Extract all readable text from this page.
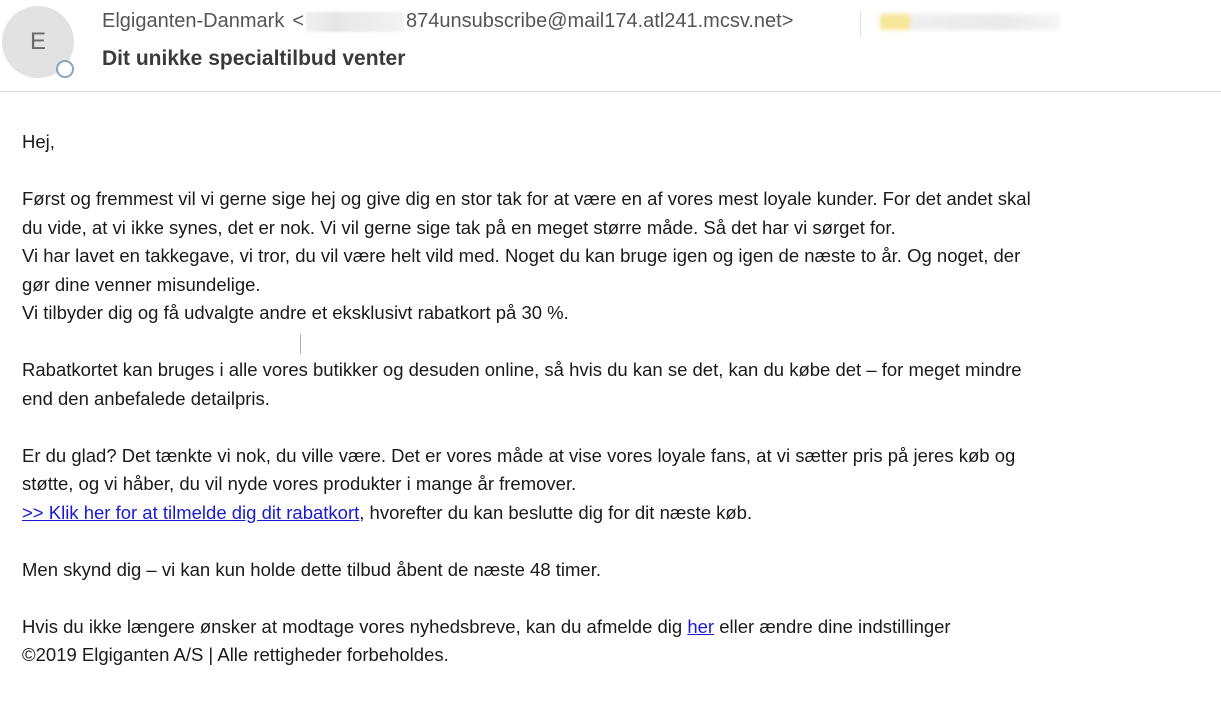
E
Elgiganten-Danmark <	874unsubscribe@mail174.atl241.mcsv.net>
Dit unikke specialtilbud venter

Hej,

Først og fremmest vil vi gerne sige hej og give dig en stor tak for at være en af vores mest loyale kunder. For det andet skal

du vide, at vi ikke synes, det er nok. Vi vil gerne sige tak på en meget større måde. Så det har vi sørget for.

Vi har lavet en takkegave, vi tror, du vil være helt vild med. Noget du kan bruge igen og igen de næste to år. Og noget, der

gør dine venner misundelige.

Vi tilbyder dig og få udvalgte andre et eksklusivt rabatkort på 30 %.

Rabatkortet kan bruges i alle vores butikker og desuden online, så hvis du kan se det, kan du købe det – for meget mindre

end den anbefalede detailpris.

Er du glad? Det tænkte vi nok, du ville være. Det er vores måde at vise vores loyale fans, at vi sætter pris på jeres køb og

støtte, og vi håber, du vil nyde vores produkter i mange år fremover.

>> Klik her for at tilmelde dig dit rabatkort, hvorefter du kan beslutte dig for dit næste køb.

Men skynd dig – vi kan kun holde dette tilbud åbent de næste 48 timer.

Hvis du ikke længere ønsker at modtage vores nyhedsbreve, kan du afmelde dig her eller ændre dine indstillinger

©2019 Elgiganten A/S | Alle rettigheder forbeholdes.
